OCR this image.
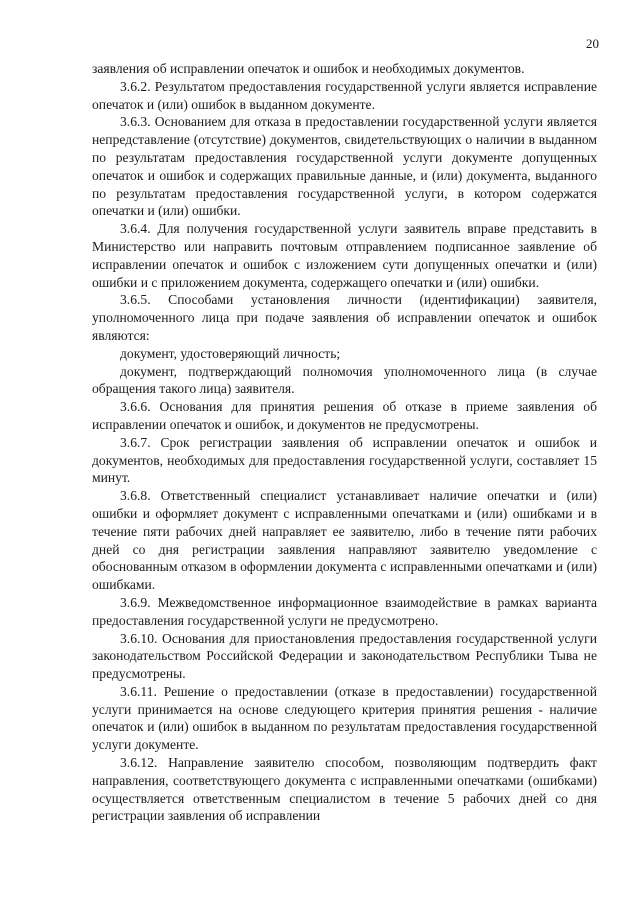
20

заявления об исправлении опечаток и ошибок и необходимых документов.

3.6.2. Результатом предоставления государственной услуги является исправление опечаток и (или) ошибок в выданном документе.

3.6.3. Основанием для отказа в предоставлении государственной услуги является непредставление (отсутствие) документов, свидетельствующих о наличии в выданном по результатам предоставления государственной услуги документе допущенных опечаток и ошибок и содержащих правильные данные, и (или) документа, выданного по результатам предоставления государственной услуги, в котором содержатся опечатки и (или) ошибки.

3.6.4. Для получения государственной услуги заявитель вправе представить в Министерство или направить почтовым отправлением подписанное заявление об исправлении опечаток и ошибок с изложением сути допущенных опечатки и (или) ошибки и с приложением документа, содержащего опечатки и (или) ошибки.

3.6.5. Способами установления личности (идентификации) заявителя, уполномоченного лица при подаче заявления об исправлении опечаток и ошибок являются:

документ, удостоверяющий личность;

документ, подтверждающий полномочия уполномоченного лица (в случае обращения такого лица) заявителя.

3.6.6. Основания для принятия решения об отказе в приеме заявления об исправлении опечаток и ошибок, и документов не предусмотрены.

3.6.7. Срок регистрации заявления об исправлении опечаток и ошибок и документов, необходимых для предоставления государственной услуги, составляет 15 минут.

3.6.8. Ответственный специалист устанавливает наличие опечатки и (или) ошибки и оформляет документ с исправленными опечатками и (или) ошибками и в течение пяти рабочих дней направляет ее заявителю, либо в течение пяти рабочих дней со дня регистрации заявления направляют заявителю уведомление с обоснованным отказом в оформлении документа с исправленными опечатками и (или) ошибками.

3.6.9. Межведомственное информационное взаимодействие в рамках варианта предоставления государственной услуги не предусмотрено.

3.6.10. Основания для приостановления предоставления государственной услуги законодательством Российской Федерации и законодательством Республики Тыва не предусмотрены.

3.6.11. Решение о предоставлении (отказе в предоставлении) государственной услуги принимается на основе следующего критерия принятия решения - наличие опечаток и (или) ошибок в выданном по результатам предоставления государственной услуги документе.

3.6.12. Направление заявителю способом, позволяющим подтвердить факт направления, соответствующего документа с исправленными опечатками (ошибками) осуществляется ответственным специалистом в течение 5 рабочих дней со дня регистрации заявления об исправлении
